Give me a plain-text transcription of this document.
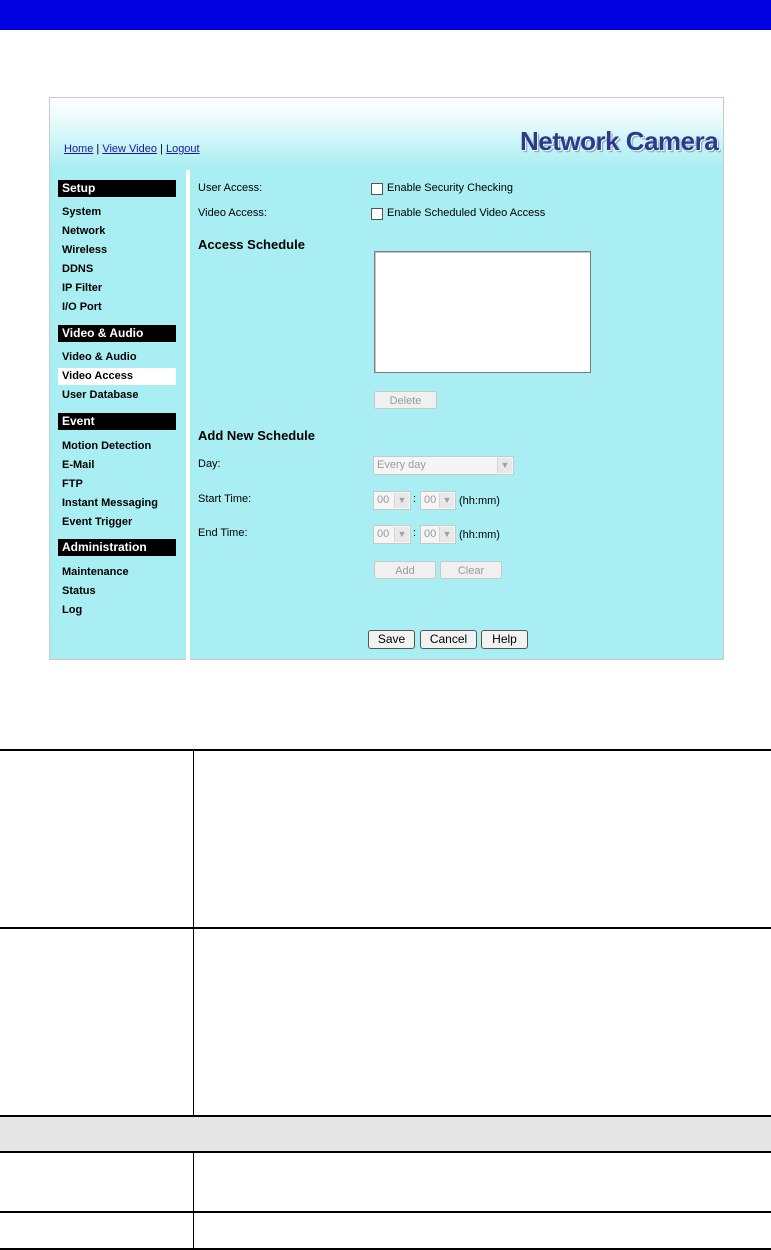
Home | View Video | Logout	Network Camera
Setup
System
Network
Wireless
DDNS
IP Filter
I/O Port
Video & Audio
Video & Audio
Video Access
User Database
Event
Motion Detection
E-Mail
FTP
Instant Messaging
Event Trigger
Administration
Maintenance
Status
Log
User Access:	Enable Security Checking
Video Access:	Enable Scheduled Video Access
Access Schedule
Delete
Add New Schedule
Day:	Every day	▼
Start Time:	00 ▼ : 00 ▼ (hh:mm)
End Time:	00 ▼ : 00 ▼ (hh:mm)
Add	Clear
Save	Cancel	Help
